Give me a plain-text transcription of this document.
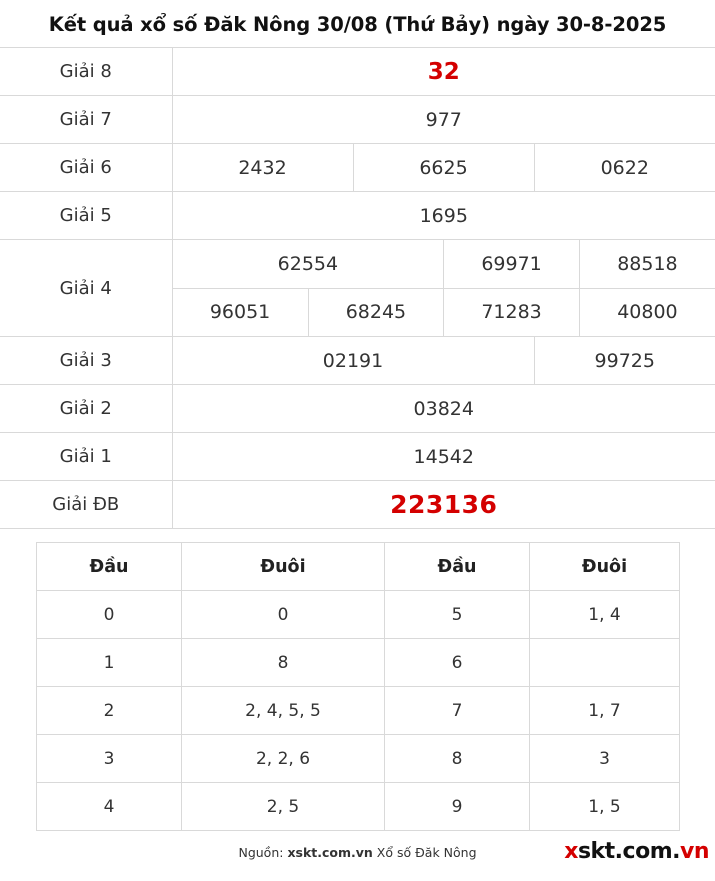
Kết quả xổ số Đăk Nông 30/08 (Thứ Bảy) ngày 30-8-2025
Giải 8	32
Giải 7	977
Giải 6	2432	6625	0622
Giải 5	1695
Giải 4	
62554	69971	88518
96051	68245	71283	40800

Giải 3	02191	99725
Giải 2	03824
Giải 1	14542
Giải ĐB	223136
Đầu	Đuôi	Đầu	Đuôi
0	0	5	1, 4
1	8	6	
2	2, 4, 5, 5	7	1, 7
3	2, 2, 6	8	3
4	2, 5	9	1, 5
Nguồn: xskt.com.vn Xổ số Đăk Nông	xskt.com.vn
